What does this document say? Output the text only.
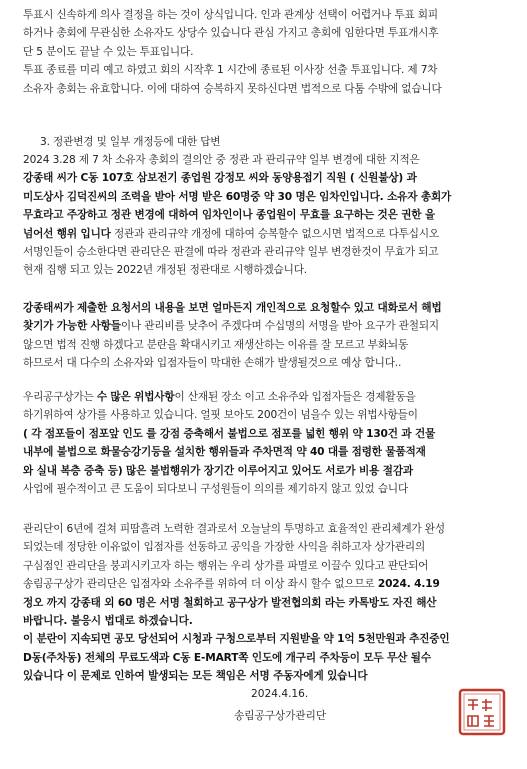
투표시 신속하게 의사 결정을 하는 것이 상식입니다. 인과 관계상 선택이 어렵거나 투표 회피
하거나 총회에 무관심한 소유자도 상당수 있습니다 관심 가지고 총회에 임한다면 투표개시후
단 5 분이도 끝날 수 있는 투표입니다.
투표 종료를 미리 예고 하였고 회의 시작후 1 시간에 종료된 이사장 선출 투표입니다. 제 7차
소유자 총회는 유효합니다. 이에 대하여 승복하지 못하신다면 법적으로 다툼 수밖에 없습니다
3. 정관변경 및 일부 개정등에 대한 답변
2024 3.28 제 7 차 소유자 총회의 결의안 중 정관 과 관리규약 일부 변경에 대한 지적은
강종태 씨가 C동 107호 삼보전기 종업원 강정모 씨와 동양용접기 직원 ( 신원불상) 과
미도상사 김덕진씨의 조력을 받아 서명 받은 60명중 약 30 명은 임차인입니다. 소유자 총회가
무효라고 주장하고 정관 변경에 대하여 임차인이나 종업원이 무효를 요구하는 것은 권한 을
넘어선 행위 입니다 정관과 관리규약 개정에 대하여 승복할수 없으시면 법적으로 다투십시오
서명인들이 승소한다면 관리단은 판결에 따라 정관과 관리규약 일부 변경한것이 무효가 되고
현재 집행 되고 있는 2022년 개정된 정관대로 시행하겠습니다.
강종태씨가 제출한 요청서의 내용을 보면 얼마든지 개인적으로 요청할수 있고 대화로서 해법
찾기가 가능한 사항들이나 관리비를 낮추어 주겠다며 수십명의 서명을 받아 요구가 관철되지
않으면 법적 진행 하겠다고 분란을 확대시키고 재생산하는 이유를 잘 모르고 부화뇌동
하므로서 대 다수의 소유자와 입점자들이 막대한 손해가 발생될것으로 예상 합니다..
우리공구상가는 수 많은 위법사항이 산재된 장소 이고 소유주와 입점자들은 경제활동을
하기위하여 상가를 사용하고 있습니다. 얼핏 보아도 200건이 넘을수 있는 위법사항들이
( 각 점포들이 점포앞 인도 를 강점 증축해서 불법으로 점포를 넓힌 행위 약 130건 과 건물
내부에 불법으로 화물승강기등을 설치한 행위들과 주차면적 약 40 대를 점령한 물품적재
와 실내 복층 증축 등) 많은 불법행위가 장기간 이루어지고 있어도 서로가 비용 절감과
사업에 필수적이고 큰 도움이 되다보니 구성원들이 의의를 제기하지 않고 있었 습니다
관리단이 6년에 걸쳐 피땀흘려 노력한 결과로서 오늘날의 투명하고 효율적인 관리체계가 완성
되었는데 정당한 이유없이 입점자를 선동하고 공익을 가장한 사익을 취하고자 상가관리의
구심점인 관리단을 붕괴시키고자 하는 행위는 우리 상가를 파멸로 이끌수 있다고 판단되어
송림공구상가 관리단은 입점자와 소유주를 위하여 더 이상 좌시 할수 없으므로 2024. 4.19
정오 까지 강종태 외 60 명은 서명 철회하고 공구상가 발전협의회 라는 카톡방도 자진 해산
바랍니다. 불응시 법대로 하겠습니다.
이 분란이 지속되면 공모 당선되어 시청과 구청으로부터 지원받을 약 1억 5천만원과 추진중인
D동(주차동) 전체의 무료도색과 C동 E-MART쪽 인도에 개구리 주차등이 모두 무산 될수
있습니다 이 문제로 인하여 발생되는 모든 책임은 서명 주동자에게 있습니다
2024.4.16.
송림공구상가관리단
